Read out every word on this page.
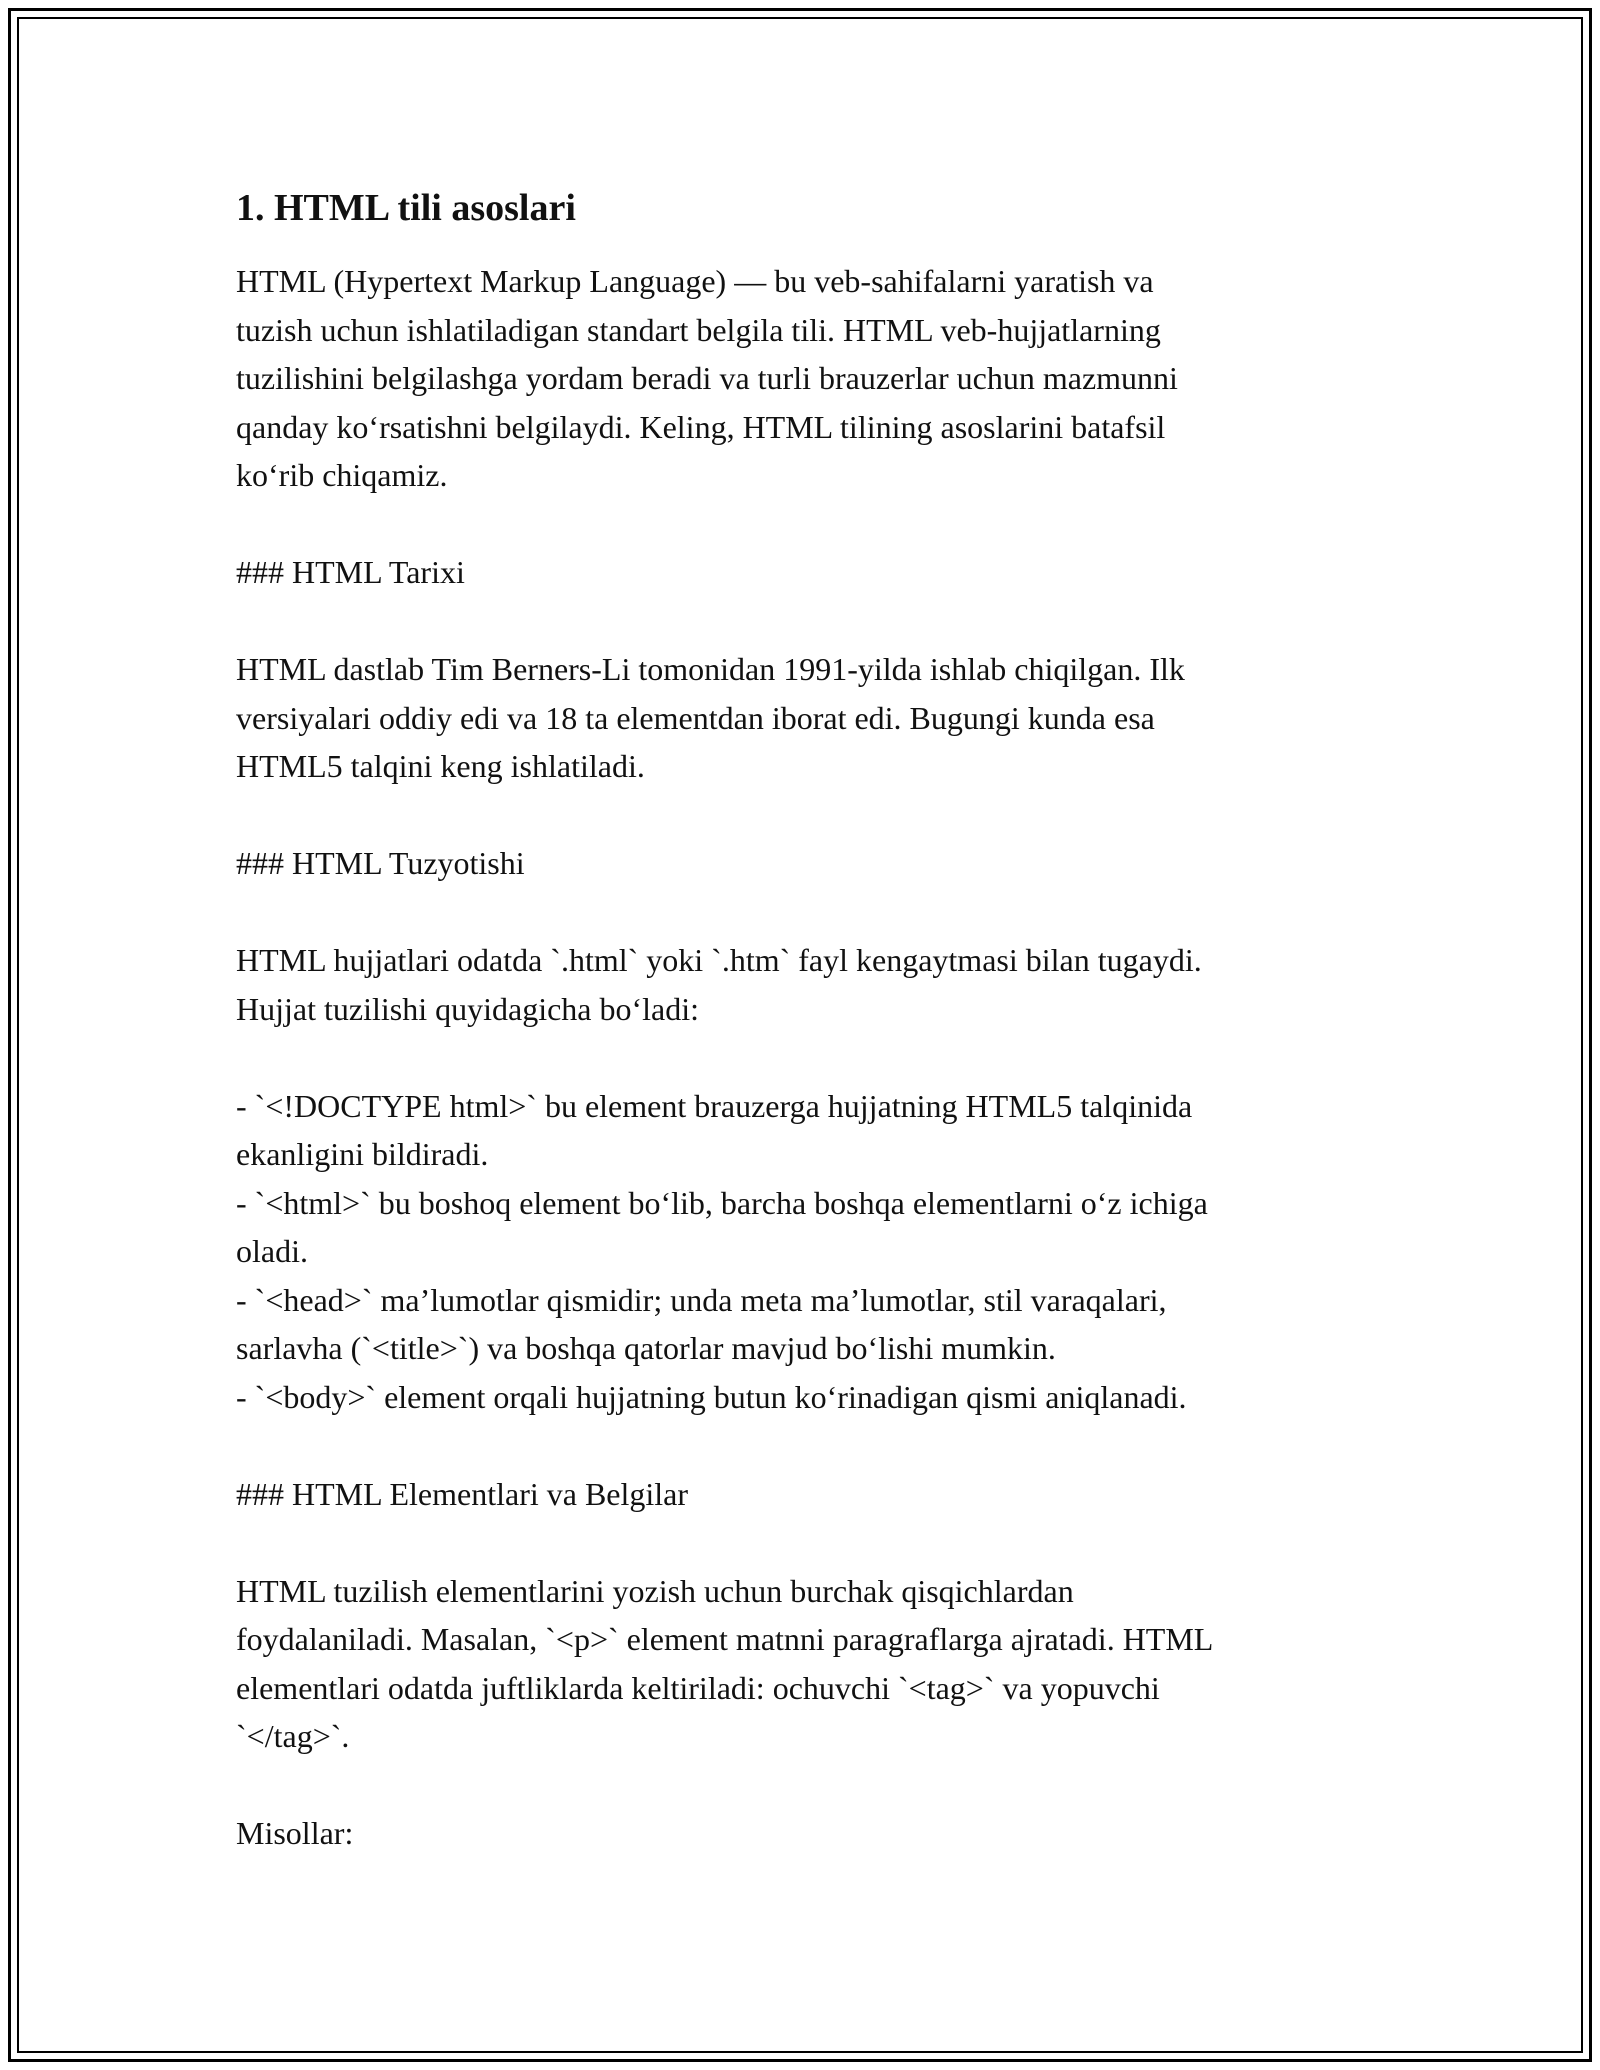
1. HTML tili asoslari
HTML (Hypertext Markup Language) — bu veb-sahifalarni yaratish va
tuzish uchun ishlatiladigan standart belgila tili. HTML veb-hujjatlarning
tuzilishini belgilashga yordam beradi va turli brauzerlar uchun mazmunni
qanday koʻrsatishni belgilaydi. Keling, HTML tilining asoslarini batafsil
koʻrib chiqamiz.
### HTML Tarixi
HTML dastlab Tim Berners-Li tomonidan 1991-yilda ishlab chiqilgan. Ilk
versiyalari oddiy edi va 18 ta elementdan iborat edi. Bugungi kunda esa
HTML5 talqini keng ishlatiladi.
### HTML Tuzyotishi
HTML hujjatlari odatda `.html` yoki `.htm` fayl kengaytmasi bilan tugaydi.
Hujjat tuzilishi quyidagicha boʻladi:
- `<!DOCTYPE html>` bu element brauzerga hujjatning HTML5 talqinida
ekanligini bildiradi.
- `<html>` bu boshoq element boʻlib, barcha boshqa elementlarni oʻz ichiga
oladi.
- `<head>` ma’lumotlar qismidir; unda meta ma’lumotlar, stil varaqalari,
sarlavha (`<title>`) va boshqa qatorlar mavjud boʻlishi mumkin.
- `<body>` element orqali hujjatning butun koʻrinadigan qismi aniqlanadi.
### HTML Elementlari va Belgilar
HTML tuzilish elementlarini yozish uchun burchak qisqichlardan
foydalaniladi. Masalan, `<p>` element matnni paragraflarga ajratadi. HTML
elementlari odatda juftliklarda keltiriladi: ochuvchi `<tag>` va yopuvchi
`</tag>`.
Misollar:
